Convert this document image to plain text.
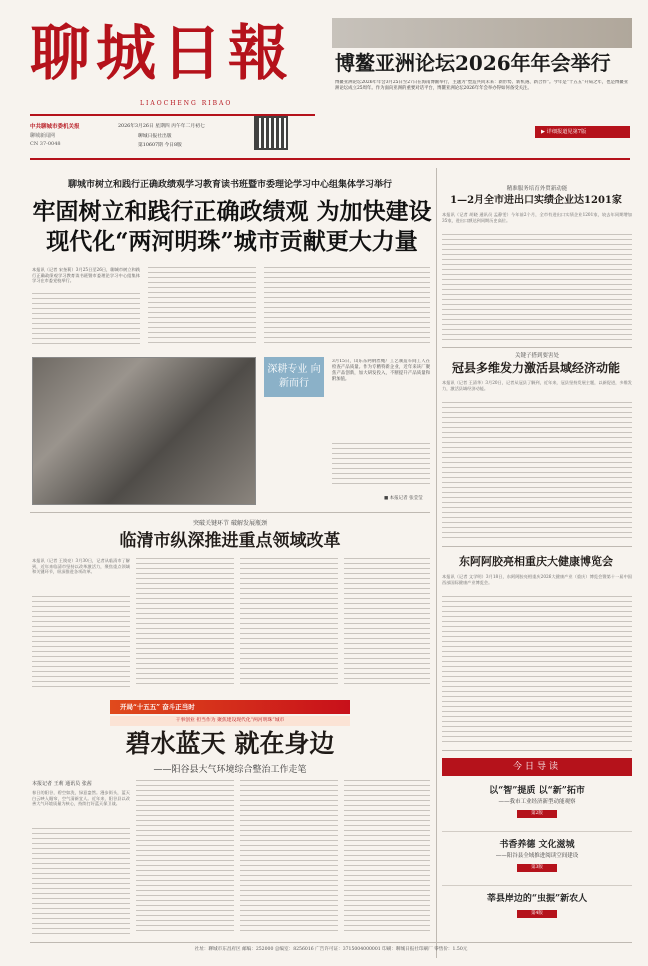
聊城日報
LIAOCHENG RIBAO
中共聊城市委机关报
聊城新闻网
CN 37-0048
2026年3月26日 星期四 丙午年二月初七
聊城日报社出版
第10607期 今日8版
博鳌亚洲论坛2026年年会举行
博鳌亚洲论坛2026年年会3月25日至27日在海南博鳌举行，主题为“塑造共同未来：新形势、新机遇、新合作”。今年是“十五五”开局之年，也是博鳌亚洲论坛成立25周年。作为面向亚洲的重要对话平台，博鳌亚洲论坛2026年年会举办得如何备受关注。
▶ 详细报道见第7版
聊城市树立和践行正确政绩观学习教育读书班暨市委理论学习中心组集体学习举行
牢固树立和践行正确政绩观 为加快建设
现代化“两河明珠”城市贡献更大力量
本报讯（记者 宋奎莉）3月25日至26日，聊城市树立和践行正确政绩观学习教育读书班暨市委理论学习中心组集体学习在市委党校举行。
深耕专业 向新而行
3月15日，山东东阿钢丝绳厂工艺制造车间工人在检查产品质量。作为专精特新企业，近年来该厂聚焦产品创新，加大研发投入，不断提升产品质量和附加值。
■ 本报记者 张莹莹
精准服务培育外贸新动能
1—2月全市进出口实绩企业达1201家
本报讯（记者 胡晓 通讯员 孟静雯）今年前2个月，全市有进出口实绩企业1201家，较去年同期增加35家，进出口额达到同期历史高位。
关键子搭到要害处
冠县多维发力激活县域经济动能
本报讯（记者 王清华）3月20日，记者从冠县了解到，近年来，冠县坚持发展主题，以新促进，多维发力，激活县域经济动能。
东阿阿胶亮相重庆大健康博览会
本报讯（记者 文学明）3月18日，东阿阿胶亮相重庆2026大健康产业（重庆）博览会暨第十一届中国西部国际健康产业博览会。
今日导读
以“智”提质 以“新”拓市
——我市工业经济新型动能观察
第2版
书香养德 文化滋城
——阳谷县全域推进阅读空间建设
第3版
莘县岸边的“虫振”新农人
第4版
突破关键环节 破解发展瓶颈
临清市纵深推进重点领域改革
本报讯（记者 王谟亮）3月30日，记者从临清市了解到，近年来临清市坚持以改革激活力，聚焦重点领域和关键环节，纵深推进各项改革。
开局“十五五” 奋斗正当时
干事创业 担当作为 聚焦建设现代化“两河明珠”城市
碧水蓝天 就在身边
——阳谷县大气环境综合整治工作走笔
本报记者 王莉 通讯员 张茜
春日的阳谷，碧空如洗，绿意盎然。漫步街头，蓝天白云映入眼帘，空气清新宜人。近年来，阳谷县以改善大气环境质量为核心，持续打好蓝天保卫战。
社址：聊城市东昌府区 邮编：252000 总编室：8256016 广告许可证：3715004000001 印刷：聊城日报社印刷厂 零售价：1.50元
